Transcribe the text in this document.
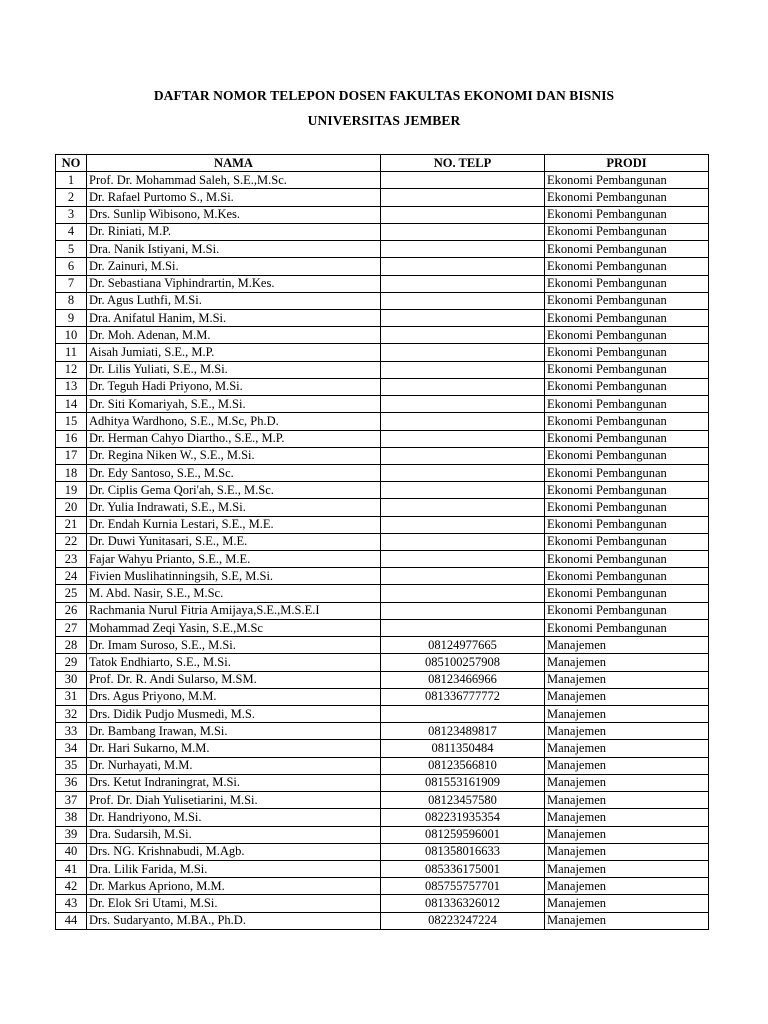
DAFTAR NOMOR TELEPON DOSEN FAKULTAS EKONOMI DAN BISNIS
UNIVERSITAS JEMBER
NO	NAMA	NO. TELP	PRODI
1	Prof. Dr. Mohammad Saleh, S.E.,M.Sc.		Ekonomi Pembangunan
2	Dr. Rafael Purtomo S., M.Si.		Ekonomi Pembangunan
3	Drs. Sunlip Wibisono, M.Kes.		Ekonomi Pembangunan
4	Dr. Riniati, M.P.		Ekonomi Pembangunan
5	Dra. Nanik Istiyani, M.Si.		Ekonomi Pembangunan
6	Dr. Zainuri, M.Si.		Ekonomi Pembangunan
7	Dr. Sebastiana Viphindrartin, M.Kes.		Ekonomi Pembangunan
8	Dr. Agus Luthfi, M.Si.		Ekonomi Pembangunan
9	Dra. Anifatul Hanim, M.Si.		Ekonomi Pembangunan
10	Dr. Moh. Adenan, M.M.		Ekonomi Pembangunan
11	Aisah Jumiati, S.E., M.P.		Ekonomi Pembangunan
12	Dr. Lilis Yuliati, S.E., M.Si.		Ekonomi Pembangunan
13	Dr. Teguh Hadi Priyono, M.Si.		Ekonomi Pembangunan
14	Dr. Siti Komariyah, S.E., M.Si.		Ekonomi Pembangunan
15	Adhitya Wardhono, S.E., M.Sc, Ph.D.		Ekonomi Pembangunan
16	Dr. Herman Cahyo Diartho., S.E., M.P.		Ekonomi Pembangunan
17	Dr. Regina Niken W., S.E., M.Si.		Ekonomi Pembangunan
18	Dr. Edy Santoso, S.E., M.Sc.		Ekonomi Pembangunan
19	Dr. Ciplis Gema Qori'ah, S.E., M.Sc.		Ekonomi Pembangunan
20	Dr. Yulia Indrawati, S.E., M.Si.		Ekonomi Pembangunan
21	Dr. Endah Kurnia Lestari, S.E., M.E.		Ekonomi Pembangunan
22	Dr. Duwi Yunitasari, S.E., M.E.		Ekonomi Pembangunan
23	Fajar Wahyu Prianto, S.E., M.E.		Ekonomi Pembangunan
24	Fivien Muslihatinningsih, S.E, M.Si.		Ekonomi Pembangunan
25	M. Abd. Nasir, S.E., M.Sc.		Ekonomi Pembangunan
26	Rachmania Nurul Fitria Amijaya,S.E.,M.S.E.I		Ekonomi Pembangunan
27	Mohammad Zeqi Yasin, S.E.,M.Sc		Ekonomi Pembangunan
28	Dr. Imam Suroso, S.E., M.Si.	08124977665	Manajemen
29	Tatok Endhiarto, S.E., M.Si.	085100257908	Manajemen
30	Prof. Dr. R. Andi Sularso, M.SM.	08123466966	Manajemen
31	Drs. Agus Priyono, M.M.	081336777772	Manajemen
32	Drs. Didik Pudjo Musmedi, M.S.		Manajemen
33	Dr. Bambang Irawan, M.Si.	08123489817	Manajemen
34	Dr. Hari Sukarno, M.M.	0811350484	Manajemen
35	Dr. Nurhayati, M.M.	08123566810	Manajemen
36	Drs. Ketut Indraningrat, M.Si.	081553161909	Manajemen
37	Prof. Dr. Diah Yulisetiarini, M.Si.	08123457580	Manajemen
38	Dr. Handriyono, M.Si.	082231935354	Manajemen
39	Dra. Sudarsih, M.Si.	081259596001	Manajemen
40	Drs. NG. Krishnabudi, M.Agb.	081358016633	Manajemen
41	Dra. Lilik Farida, M.Si.	085336175001	Manajemen
42	Dr. Markus Apriono, M.M.	085755757701	Manajemen
43	Dr. Elok Sri Utami, M.Si.	081336326012	Manajemen
44	Drs. Sudaryanto, M.BA., Ph.D.	08223247224	Manajemen
